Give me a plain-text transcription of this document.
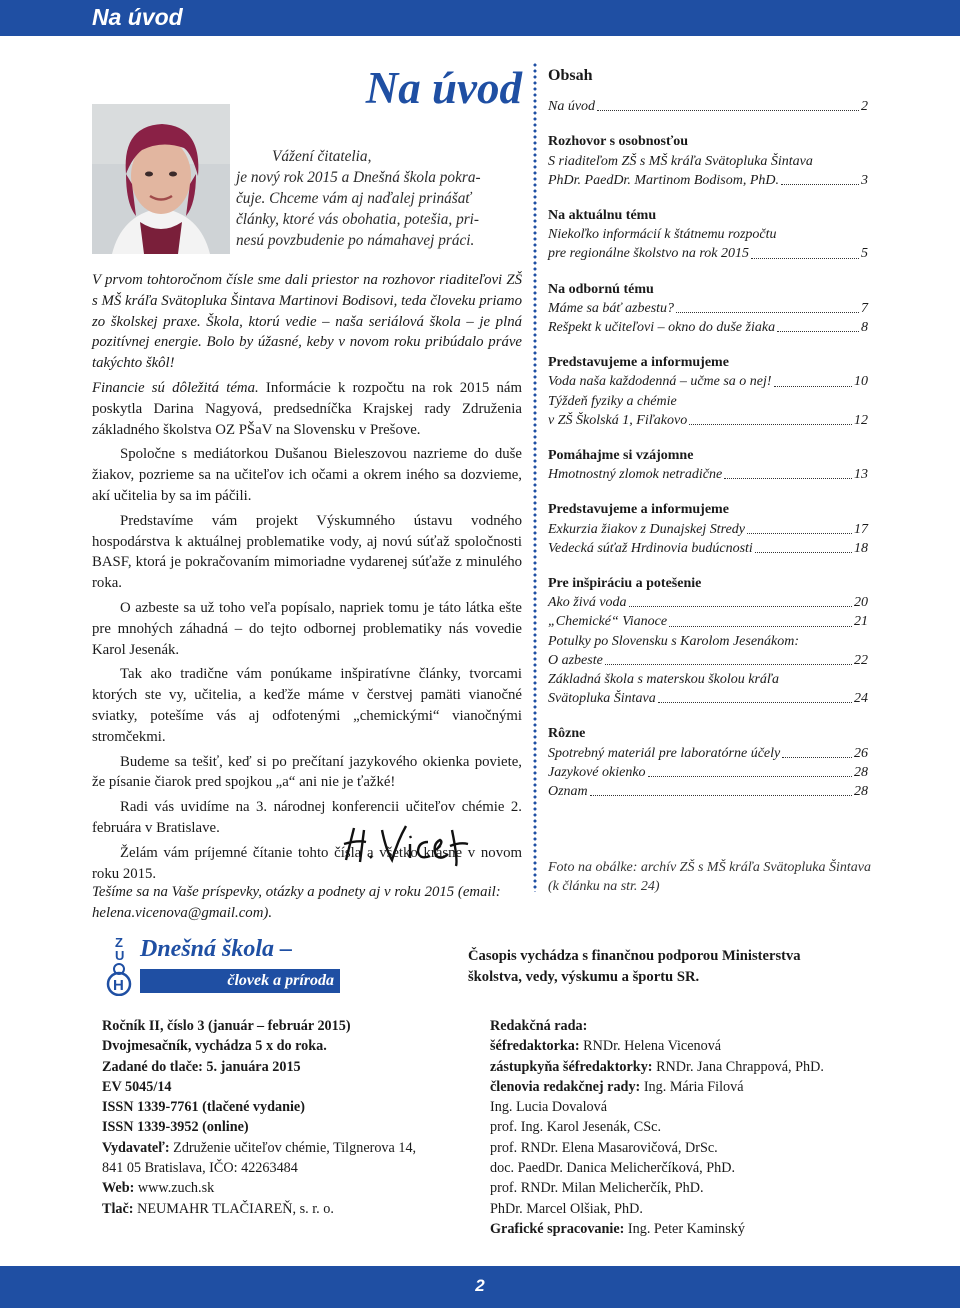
Na úvod
Na úvod
Vážení čitatelia,
je nový rok 2015 a Dnešná škola pokra-
čuje. Chceme vám aj naďalej prinášať
články, ktoré vás obohatia, potešia, pri-
nesú povzbudenie po námahavej práci.

V prvom tohtoročnom čísle sme dali priestor na rozhovor riaditeľovi ZŠ s MŠ kráľa Svätopluka Šintava Martinovi Bodisovi, teda človeku priamo zo školskej praxe. Škola, ktorú vedie – naša seriálová škola – je plná pozitívnej energie. Bolo by úžasné, keby v novom roku pribúdalo práve takýchto škôl!

Financie sú dôležitá téma. Informácie k rozpočtu na rok 2015 nám poskytla Darina Nagyová, predsedníčka Krajskej rady Združenia základného školstva OZ PŠaV na Slovensku v Prešove.

Spoločne s mediátorkou Dušanou Bieleszovou nazrieme do duše žiakov, pozrieme sa na učiteľov ich očami a okrem iného sa dozvieme, akí učitelia by sa im páčili.

Predstavíme vám projekt Výskumného ústavu vodného hospodárstva k aktuálnej problematike vody, aj novú súťaž spoločnosti BASF, ktorá je pokračovaním mimoriadne vydarenej súťaže z minulého roka.

O azbeste sa už toho veľa popísalo, napriek tomu je táto látka ešte pre mnohých záhadná – do tejto odbornej problematiky nás vovedie Karol Jesenák.

Tak ako tradične vám ponúkame inšpiratívne články, tvorcami ktorých ste vy, učitelia, a keďže máme v čerstvej pamäti vianočné sviatky, potešíme vás aj odfotenými „chemickými“ vianočnými stromčekmi.

Budeme sa tešiť, keď si po prečítaní jazykového okienka poviete, že písanie čiarok pred spojkou „a“ ani nie je ťažké!

Radi vás uvidíme na 3. národnej konferencii učiteľov chémie 2. februára v Bratislave.

Želám vám príjemné čítanie tohto čísla a všetko krásne v novom roku 2015.

Tešíme sa na Vaše príspevky, otázky a podnety aj v roku 2015 (email: helena.vicenova@gmail.com).
Obsah
Na úvod	2
Rozhovor s osobnosťou
S riaditeľom ZŠ s MŠ kráľa Svätopluka Šintava
PhDr. PaedDr. Martinom Bodisom, PhD.	3
Na aktuálnu tému
Niekoľko informácií k štátnemu rozpočtu
pre regionálne školstvo na rok 2015	5
Na odbornú tému
Máme sa báť azbestu?	7
Rešpekt k učiteľovi – okno do duše žiaka	8
Predstavujeme a informujeme
Voda naša každodenná – učme sa o nej!	10
Týždeň fyziky a chémie
v ZŠ Školská 1, Fiľakovo	12
Pomáhajme si vzájomne
Hmotnostný zlomok netradične	13
Predstavujeme a informujeme
Exkurzia žiakov z Dunajskej Stredy	17
Vedecká súťaž Hrdinovia budúcnosti	18
Pre inšpiráciu a potešenie
Ako živá voda	20
„Chemické“ Vianoce	21
Potulky po Slovensku s Karolom Jesenákom:
O azbeste	22
Základná škola s materskou školou kráľa
Svätopluka Šintava	24
Rôzne
Spotrebný materiál pre laboratórne účely	26
Jazykové okienko	28
Oznam	28
Foto na obálke: archív ZŠ s MŠ kráľa Svätopluka Šintava (k článku na str. 24)
Z
U
H
Dnešná škola –
človek a príroda
Časopis vychádza s finančnou podporou Ministerstva školstva, vedy, výskumu a športu SR.
Ročník II, číslo 3 (január – február 2015)
Dvojmesačník, vychádza 5 x do roka.
Zadané do tlače: 5. januára 2015
EV 5045/14
ISSN 1339-7761 (tlačené vydanie)
ISSN 1339-3952 (online)
Vydavateľ: Združenie učiteľov chémie, Tilgnerova 14,
841 05 Bratislava, IČO: 42263484
Web: www.zuch.sk
Tlač: NEUMAHR TLAČIAREŇ, s. r. o.
Redakčná rada:
šéfredaktorka: RNDr. Helena Vicenová
zástupkyňa šéfredaktorky: RNDr. Jana Chrappová, PhD.
členovia redakčnej rady: Ing. Mária Filová
Ing. Lucia Dovalová
prof. Ing. Karol Jesenák, CSc.
prof. RNDr. Elena Masarovičová, DrSc.
doc. PaedDr. Danica Melicherčíková, PhD.
prof. RNDr. Milan Melicherčík, PhD.
PhDr. Marcel Olšiak, PhD.
Grafické spracovanie: Ing. Peter Kaminský
2
